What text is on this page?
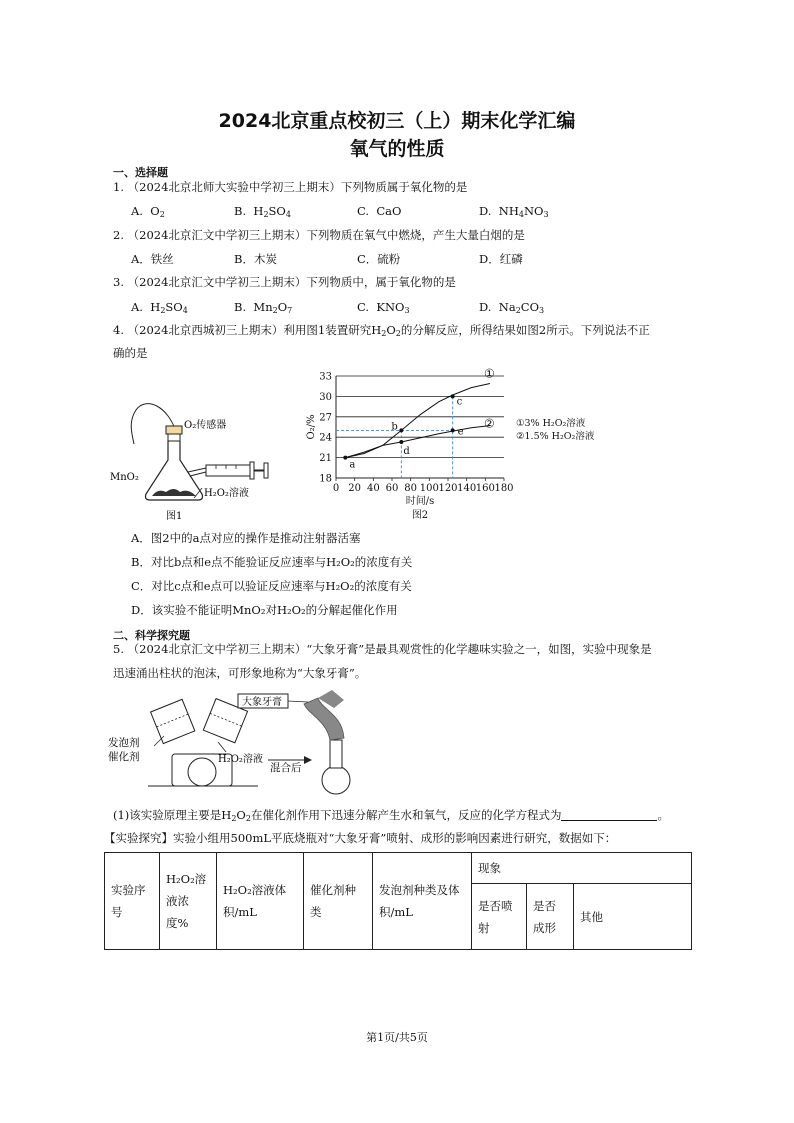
2024北京重点校初三（上）期末化学汇编
氧气的性质
一、选择题
1. （2024北京北师大实验中学初三上期末）下列物质属于氧化物的是
A. $O_2$	B. $H_2SO_4$	C. CaO	D. $NH_4NO_3$
2. （2024北京汇文中学初三上期末）下列物质在氧气中燃烧，产生大量白烟的是
A．铁丝	B．木炭	C．硫粉	D．红磷
3. （2024北京汇文中学初三上期末）下列物质中，属于氧化物的是
A. $H_2SO_4$	B. $Mn_2O_7$	C. $KNO_3$	D. $Na_2CO_3$
4. （2024北京西城初三上期末）利用图1装置研究$H_2O_2$的分解反应，所得结果如图2所示。下列说法不正
确的是
O₂传感器
MnO₂
H₂O₂溶液
图1
18
21
24
27
30
33
0 20 40 60 80 100 120 140 160 180
①
①3% H₂O₂溶液
②
②1.5% H₂O₂溶液
a
b
c
d
e
O₂/%
时间/s
图2
A．图2中的a点对应的操作是推动注射器活塞
B．对比b点和e点不能验证反应速率与H₂O₂的浓度有关
C．对比c点和e点可以验证反应速率与H₂O₂的浓度有关
D．该实验不能证明MnO₂对H₂O₂的分解起催化作用
二、科学探究题
5. （2024北京汇文中学初三上期末）“大象牙膏”是最具观赏性的化学趣味实验之一，如图，实验中现象是
迅速涌出柱状的泡沫，可形象地称为“大象牙膏”。
大象牙膏
发泡剂
催化剂	H₂O₂溶液
混合后
(1)该实验原理主要是$H_2O_2$在催化剂作用下迅速分解产生水和氧气，反应的化学方程式为	。
【实验探究】实验小组用500mL平底烧瓶对“大象牙膏”喷射、成形的影响因素进行研究，数据如下：
实验序号	H₂O₂溶液浓度%	H₂O₂溶液体积/mL	催化剂种类	发泡剂种类及体积/mL	现象		
					是否喷射	是否成形	其他
第1页/共5页
